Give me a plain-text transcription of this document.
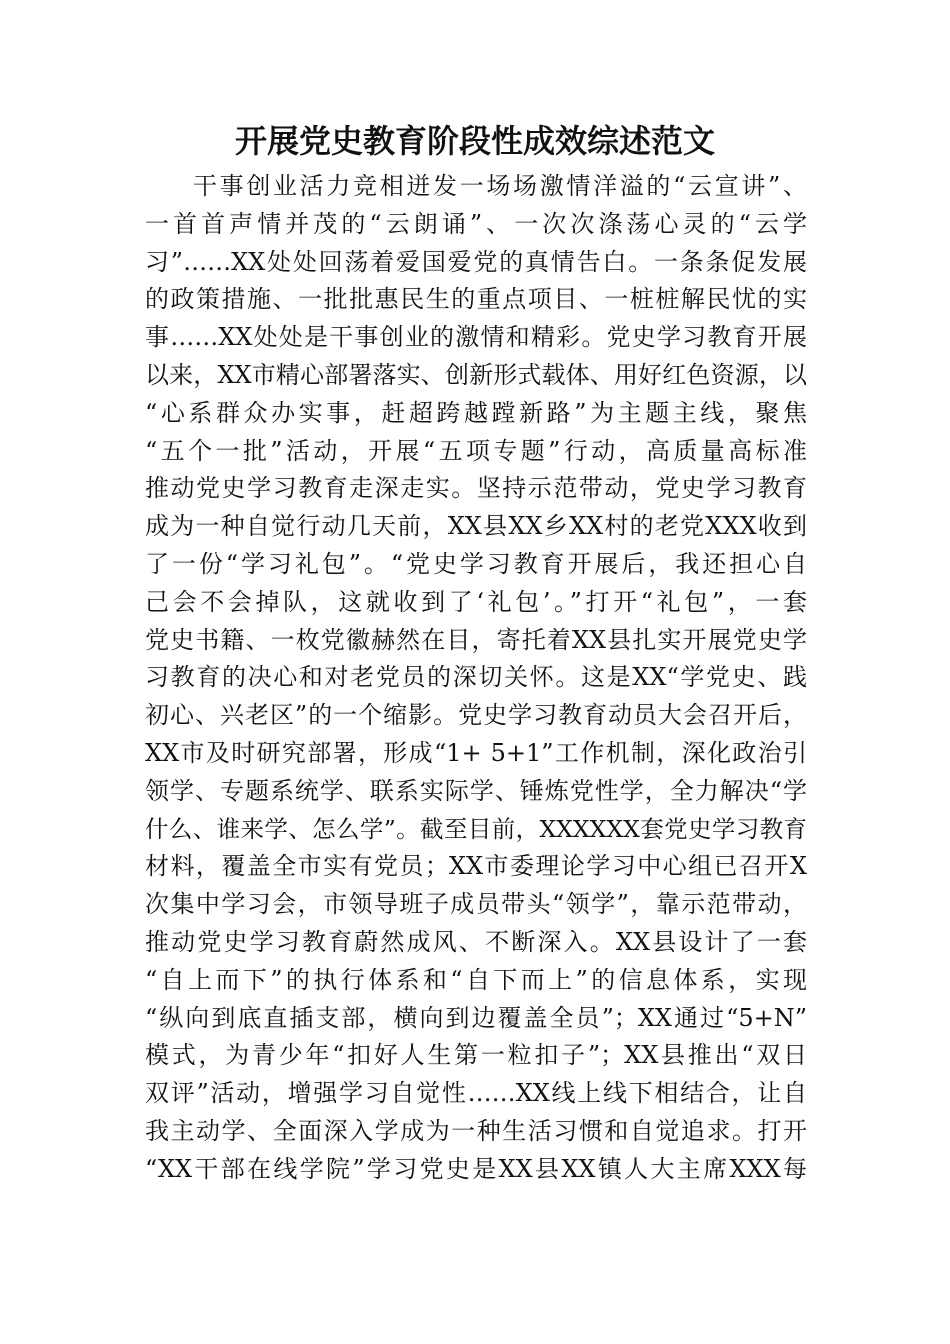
开展党史教育阶段性成效综述范文
干事创业活力竞相迸发一场场激情洋溢的“云宣讲”、
一首首声情并茂的“云朗诵”、一次次涤荡心灵的“云学
习”……XX处处回荡着爱国爱党的真情告白。一条条促发展
的政策措施、一批批惠民生的重点项目、一桩桩解民忧的实
事……XX处处是干事创业的激情和精彩。党史学习教育开展
以来，XX市精心部署落实、创新形式载体、用好红色资源，以
“心系群众办实事，赶超跨越蹚新路”为主题主线，聚焦
“五个一批”活动，开展“五项专题”行动，高质量高标准
推动党史学习教育走深走实。坚持示范带动，党史学习教育
成为一种自觉行动几天前，XX县XX乡XX村的老党XXX收到
了一份“学习礼包”。“党史学习教育开展后，我还担心自
己会不会掉队，这就收到了‘礼包’。”打开“礼包”，一套
党史书籍、一枚党徽赫然在目，寄托着XX县扎实开展党史学
习教育的决心和对老党员的深切关怀。这是XX“学党史、践
初心、兴老区”的一个缩影。党史学习教育动员大会召开后，
XX市及时研究部署，形成“1+ 5+1”工作机制，深化政治引
领学、专题系统学、联系实际学、锤炼党性学，全力解决“学
什么、谁来学、怎么学”。截至目前，XXXXXX套党史学习教育
材料，覆盖全市实有党员；XX市委理论学习中心组已召开X
次集中学习会，市领导班子成员带头“领学”，靠示范带动，
推动党史学习教育蔚然成风、不断深入。XX县设计了一套
“自上而下”的执行体系和“自下而上”的信息体系，实现
“纵向到底直插支部，横向到边覆盖全员”；XX通过“5+N”
模式，为青少年“扣好人生第一粒扣子”；XX县推出“双日
双评”活动，增强学习自觉性……XX线上线下相结合，让自
我主动学、全面深入学成为一种生活习惯和自觉追求。打开
“XX干部在线学院”学习党史是XX县XX镇人大主席XXX每
